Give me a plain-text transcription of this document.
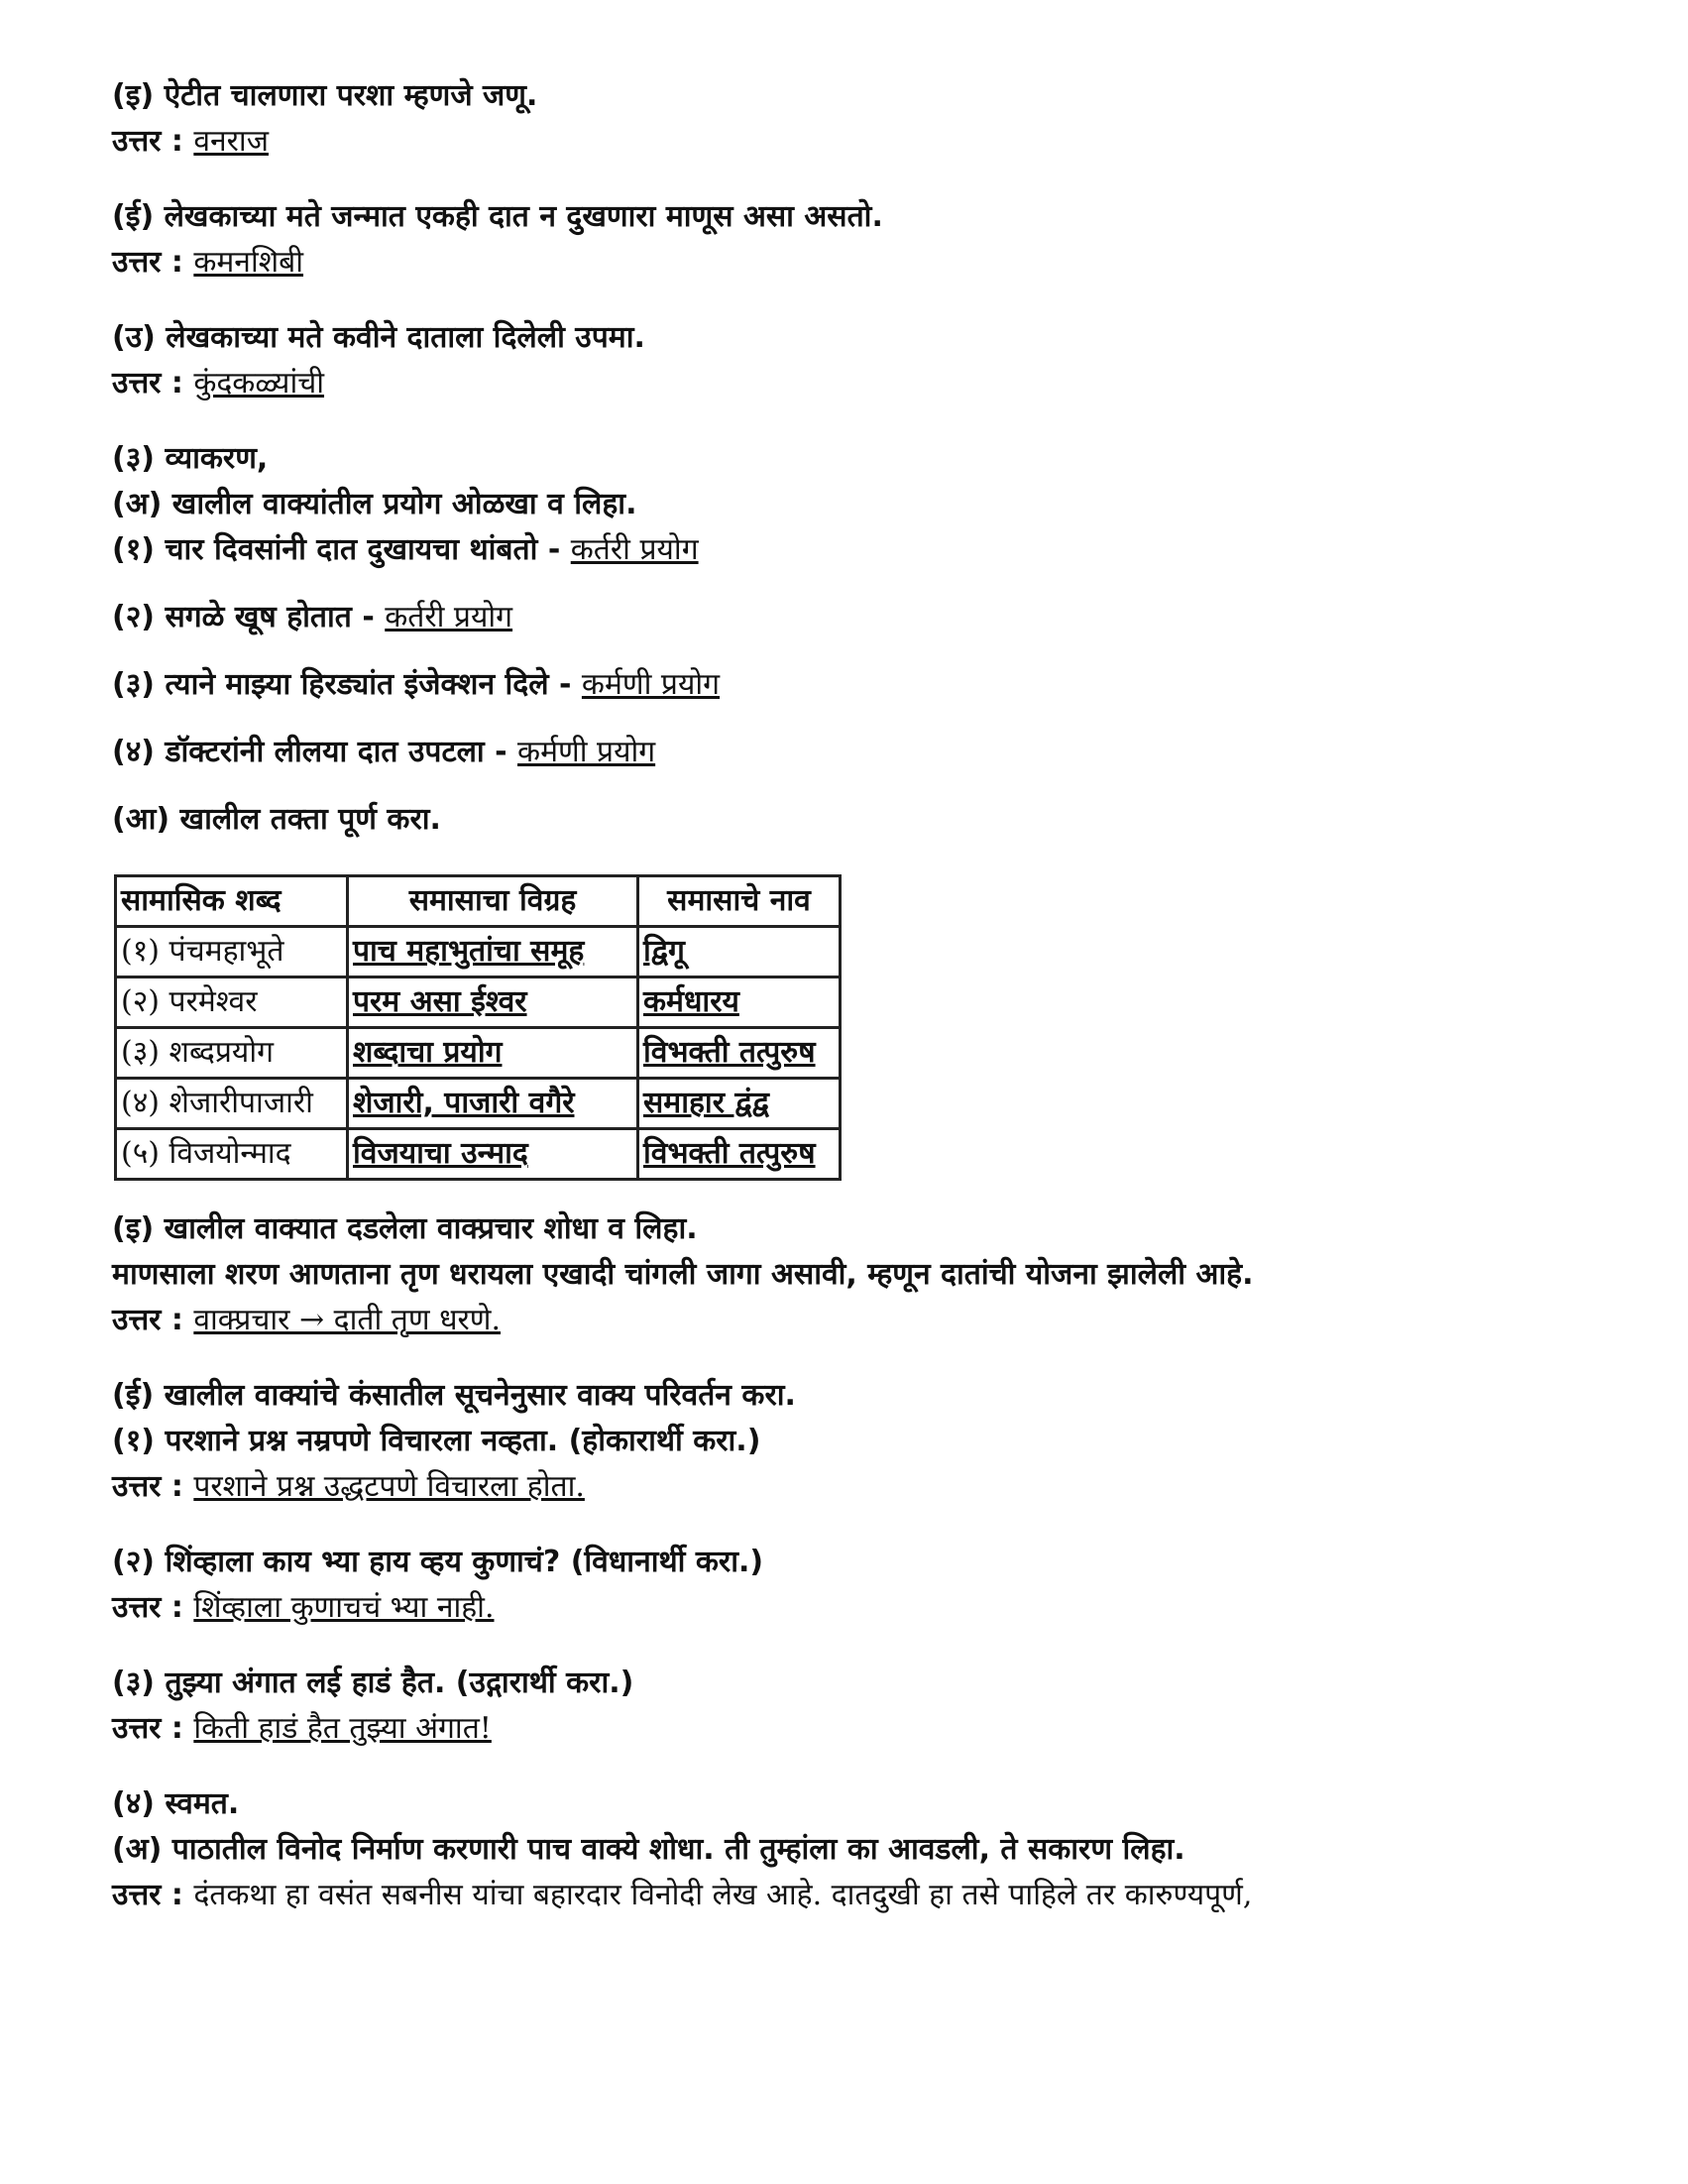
(इ) ऐटीत चालणारा परशा म्हणजे जणू.
उत्तर : वनराज
(ई) लेखकाच्या मते जन्मात एकही दात न दुखणारा माणूस असा असतो.
उत्तर : कमनशिबी
(उ) लेखकाच्या मते कवीने दाताला दिलेली उपमा.
उत्तर : कुंदकळ्यांची
(३) व्याकरण,
(अ) खालील वाक्यांतील प्रयोग ओळखा व लिहा.
(१) चार दिवसांनी दात दुखायचा थांबतो - कर्तरी प्रयोग
(२) सगळे खूष होतात - कर्तरी प्रयोग
(३) त्याने माझ्या हिरड्यांत इंजेक्शन दिले - कर्मणी प्रयोग
(४) डॉक्टरांनी लीलया दात उपटला - कर्मणी प्रयोग
(आ) खालील तक्ता पूर्ण करा.
सामासिक शब्द	समासाचा विग्रह	समासाचे नाव
(१) पंचमहाभूते	पाच महाभुतांचा समूह	द्विगू
(२) परमेश्वर	परम असा ईश्वर	कर्मधारय
(३) शब्दप्रयोग	शब्दाचा प्रयोग	विभक्ती तत्पुरुष
(४) शेजारीपाजारी	शेजारी, पाजारी वगैरे	समाहार द्वंद्व
(५) विजयोन्माद	विजयाचा उन्माद	विभक्ती तत्पुरुष
(इ) खालील वाक्यात दडलेला वाक्प्रचार शोधा व लिहा.
माणसाला शरण आणताना तृण धरायला एखादी चांगली जागा असावी, म्हणून दातांची योजना झालेली आहे.
उत्तर : वाक्प्रचार → दाती तृण धरणे.
(ई) खालील वाक्यांचे कंसातील सूचनेनुसार वाक्य परिवर्तन करा.
(१) परशाने प्रश्न नम्रपणे विचारला नव्हता. (होकारार्थी करा.)
उत्तर : परशाने प्रश्न उद्धटपणे विचारला होता.
(२) शिंव्हाला काय भ्या हाय व्हय कुणाचं? (विधानार्थी करा.)
उत्तर : शिंव्हाला कुणाचचं भ्या नाही.
(३) तुझ्या अंगात लई हाडं हैत. (उद्गारार्थी करा.)
उत्तर : किती हाडं हैत तुझ्या अंगात!
(४) स्वमत.
(अ) पाठातील विनोद निर्माण करणारी पाच वाक्ये शोधा. ती तुम्हांला का आवडली, ते सकारण लिहा.
उत्तर : दंतकथा हा वसंत सबनीस यांचा बहारदार विनोदी लेख आहे. दातदुखी हा तसे पाहिले तर कारुण्यपूर्ण,
